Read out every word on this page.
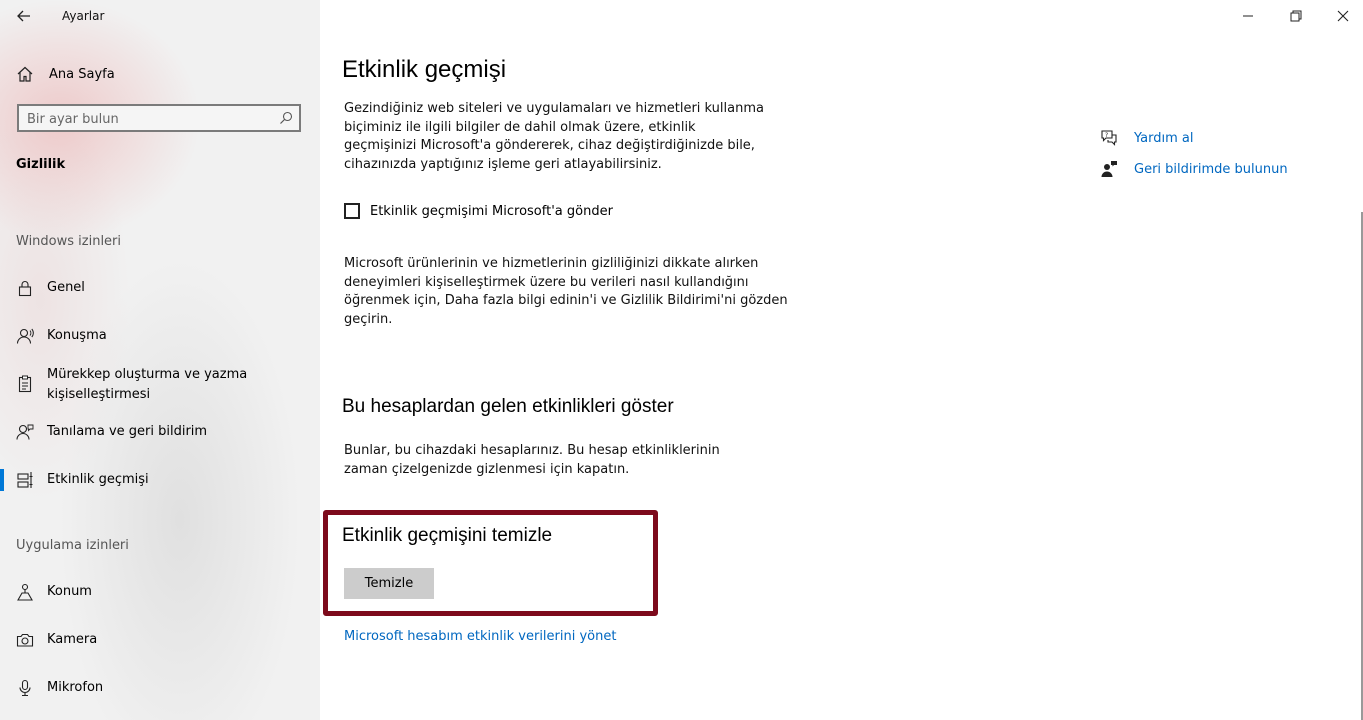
Ayarlar
Ana Sayfa
Bir ayar bulun
Gizlilik
Windows izinleri
Genel
Konuşma
Mürekkep oluşturma ve yazma kişiselleştirmesi
Tanılama ve geri bildirim
Etkinlik geçmişi
Uygulama izinleri
Konum
Kamera
Mikrofon
Etkinlik geçmişi
Gezindiğiniz web siteleri ve uygulamaları ve hizmetleri kullanma biçiminiz ile ilgili bilgiler de dahil olmak üzere, etkinlik geçmişinizi Microsoft'a göndererek, cihaz değiştirdiğinizde bile, cihazınızda yaptığınız işleme geri atlayabilirsiniz.
Etkinlik geçmişimi Microsoft'a gönder
Microsoft ürünlerinin ve hizmetlerinin gizliliğinizi dikkate alırken deneyimleri kişiselleştirmek üzere bu verileri nasıl kullandığını öğrenmek için, Daha fazla bilgi edinin'i ve Gizlilik Bildirimi'ni gözden geçirin.
Bu hesaplardan gelen etkinlikleri göster
Bunlar, bu cihazdaki hesaplarınız. Bu hesap etkinliklerinin zaman çizelgenizde gizlenmesi için kapatın.
Etkinlik geçmişini temizle
Temizle
Microsoft hesabım etkinlik verilerini yönet
? Yardım al
Geri bildirimde bulunun
